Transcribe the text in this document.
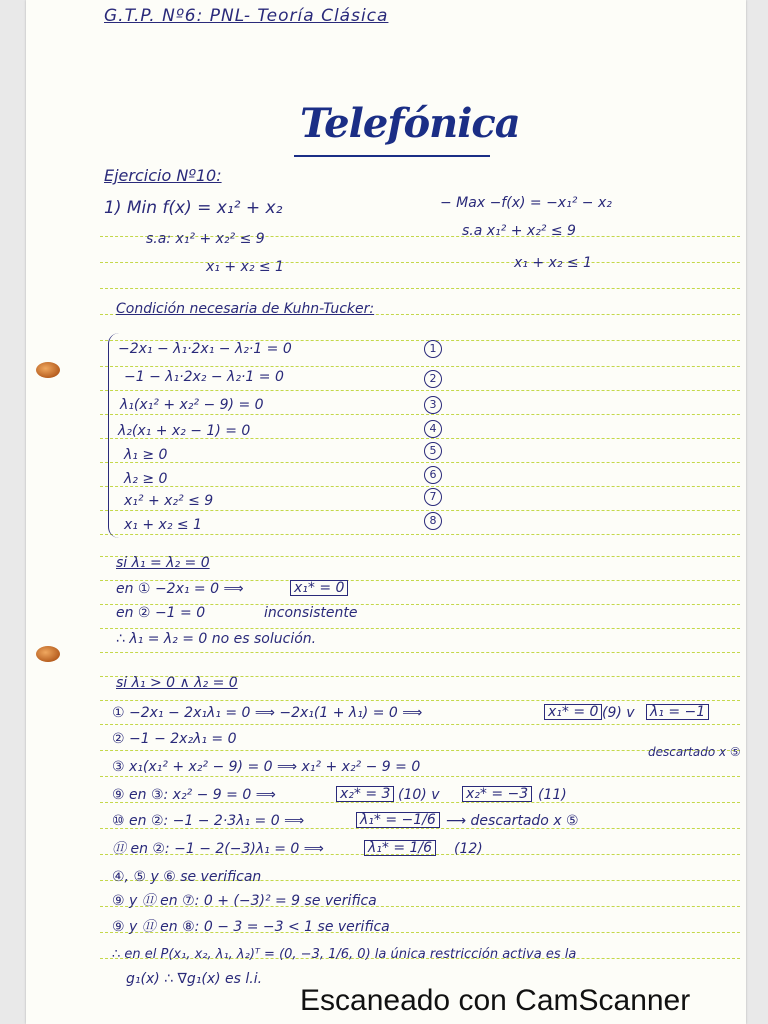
G.T.P. Nº6: PNL- Teoría Clásica
Telefónica
Ejercicio Nº10:
1) Min f(x) = x₁² + x₂
s.a: x₁² + x₂² ≤ 9
x₁ + x₂ ≤ 1
− Max −f(x) = −x₁² − x₂
s.a x₁² + x₂² ≤ 9
x₁ + x₂ ≤ 1
Condición necesaria de Kuhn-Tucker:
−2x₁ − λ₁·2x₁ − λ₂·1 = 0
−1 − λ₁·2x₂ − λ₂·1 = 0
λ₁(x₁² + x₂² − 9) = 0
λ₂(x₁ + x₂ − 1) = 0
λ₁ ≥ 0
λ₂ ≥ 0
x₁² + x₂² ≤ 9
x₁ + x₂ ≤ 1
1
2
3
4
5
6
7
8
si λ₁ = λ₂ = 0
en ① −2x₁ = 0 ⟹	x₁* = 0
en ② −1 = 0	inconsistente
∴ λ₁ = λ₂ = 0 no es solución.
si λ₁ > 0 ∧ λ₂ = 0
① −2x₁ − 2x₁λ₁ = 0 ⟹ −2x₁(1 + λ₁) = 0 ⟹	x₁* = 0 (9) v λ₁ = −1
descartado x ⑤
② −1 − 2x₂λ₁ = 0
③ x₁(x₁² + x₂² − 9) = 0 ⟹ x₁² + x₂² − 9 = 0
⑨ en ③: x₂² − 9 = 0 ⟹	x₂* = 3 (10) v x₂* = −3 (11)
⑩ en ②: −1 − 2·3λ₁ = 0 ⟹	λ₁* = −1/6 ⟶ descartado x ⑤
⑪ en ②: −1 − 2(−3)λ₁ = 0 ⟹	λ₁* = 1/6 (12)
④, ⑤ y ⑥ se verifican
⑨ y ⑪ en ⑦: 0 + (−3)² = 9 se verifica
⑨ y ⑪ en ⑧: 0 − 3 = −3 < 1 se verifica
∴ en el P(x₁, x₂, λ₁, λ₂)ᵀ = (0, −3, 1/6, 0) la única restricción activa es la
g₁(x) ∴ ∇g₁(x) es l.i.
Escaneado con CamScanner
